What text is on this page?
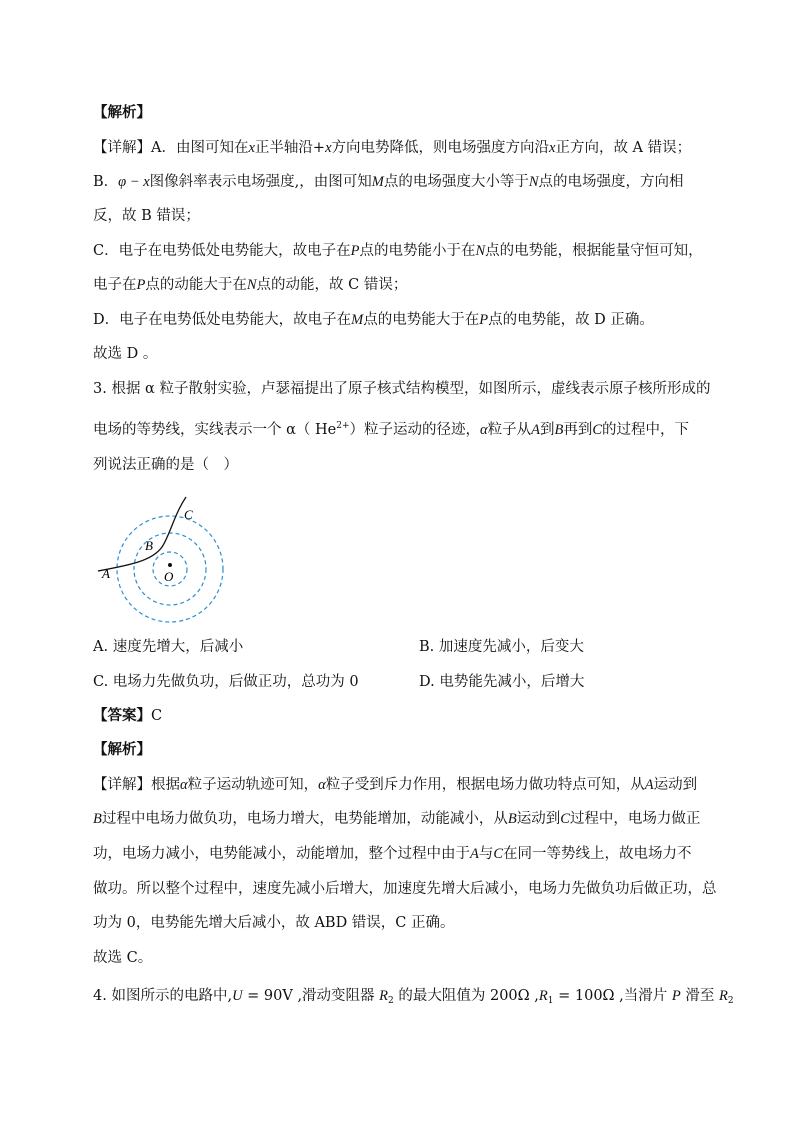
【解析】
【详解】A．由图可知在x正半轴沿+x方向电势降低，则电场强度方向沿x正方向，故 A 错误；
B．φ − x图像斜率表示电场强度,，由图可知M点的电场强度大小等于N点的电场强度，方向相
反，故 B 错误；
C．电子在电势低处电势能大，故电子在P点的电势能小于在N点的电势能，根据能量守恒可知，
电子在P点的动能大于在N点的动能，故 C 错误；
D．电子在电势低处电势能大，故电子在M点的电势能大于在P点的电势能，故 D 正确。
故选 D 。
3. 根据 α 粒子散射实验，卢瑟福提出了原子核式结构模型，如图所示，虚线表示原子核所形成的
电场的等势线，实线表示一个 α（ $He^{2+}$）粒子运动的径迹，α粒子从A到B再到C的过程中，下
列说法正确的是（　）
A
B
C
O
A. 速度先增大，后减小	B. 加速度先减小，后变大
C. 电场力先做负功，后做正功，总功为 0	D. 电势能先减小，后增大
【答案】C
【解析】
【详解】根据α粒子运动轨迹可知，α粒子受到斥力作用，根据电场力做功特点可知，从A运动到
B过程中电场力做负功，电场力增大，电势能增加，动能减小，从B运动到C过程中，电场力做正
功，电场力减小，电势能减小，动能增加，整个过程中由于A与C在同一等势线上，故电场力不
做功。所以整个过程中，速度先减小后增大，加速度先增大后减小，电场力先做负功后做正功，总
功为 0，电势能先增大后减小，故 ABD 错误，C 正确。
故选 C。
4. 如图所示的电路中,U = 90V ,滑动变阻器 $R_2$ 的最大阻值为 200Ω $,R_1 = 100\Omega$ ,当滑片 P 滑至 $R_2$
